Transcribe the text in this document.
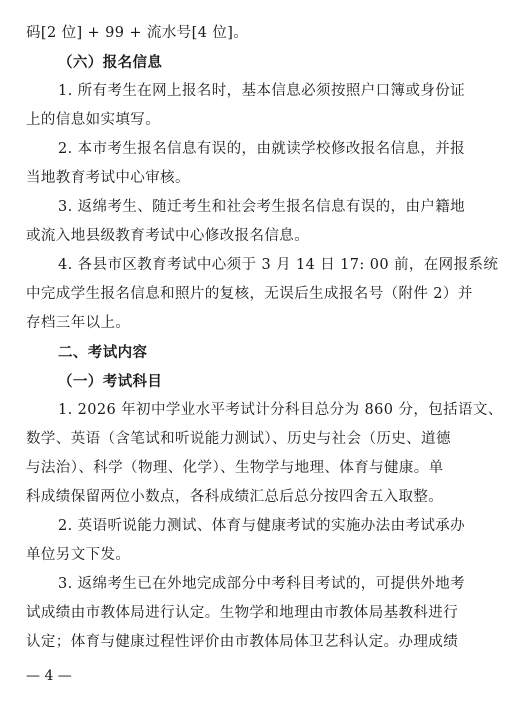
码[2 位] + 99 + 流水号[4 位]。

（六）报名信息

1. 所有考生在网上报名时，基本信息必须按照户口簿或身份证

上的信息如实填写。

2. 本市考生报名信息有误的，由就读学校修改报名信息，并报

当地教育考试中心审核。

3. 返绵考生、随迁考生和社会考生报名信息有误的，由户籍地

或流入地县级教育考试中心修改报名信息。

4. 各县市区教育考试中心须于 3 月 14 日 17: 00 前，在网报系统

中完成学生报名信息和照片的复核，无误后生成报名号（附件 2）并

存档三年以上。

二、考试内容

（一）考试科目

1. 2026 年初中学业水平考试计分科目总分为 860 分，包括语文、

数学、英语（含笔试和听说能力测试）、历史与社会（历史、道德

与法治）、科学（物理、化学）、生物学与地理、体育与健康。单

科成绩保留两位小数点，各科成绩汇总后总分按四舍五入取整。

2. 英语听说能力测试、体育与健康考试的实施办法由考试承办

单位另文下发。

3. 返绵考生已在外地完成部分中考科目考试的，可提供外地考

试成绩由市教体局进行认定。生物学和地理由市教体局基教科进行

认定；体育与健康过程性评价由市教体局体卫艺科认定。办理成绩

— 4 —
